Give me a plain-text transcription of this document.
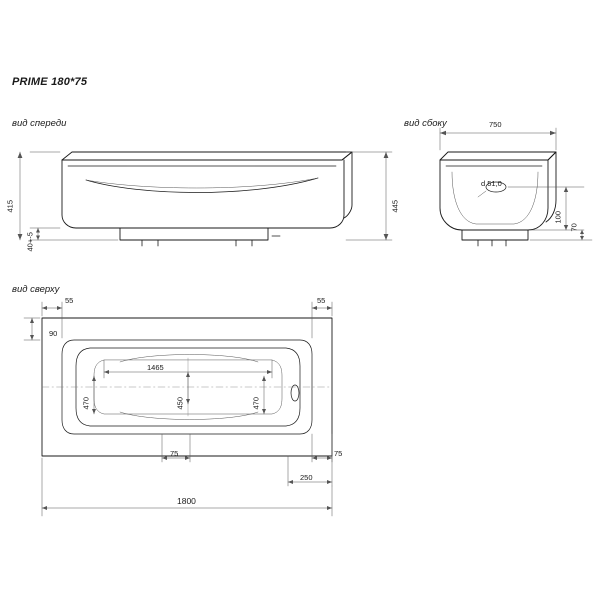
PRIME 180*75
вид спереди	вид сбоку
вид сверху
415
40+-5
445
750
d 51,0
100
70
55	55
90
1465
470	450	470
75	75
250
1800
